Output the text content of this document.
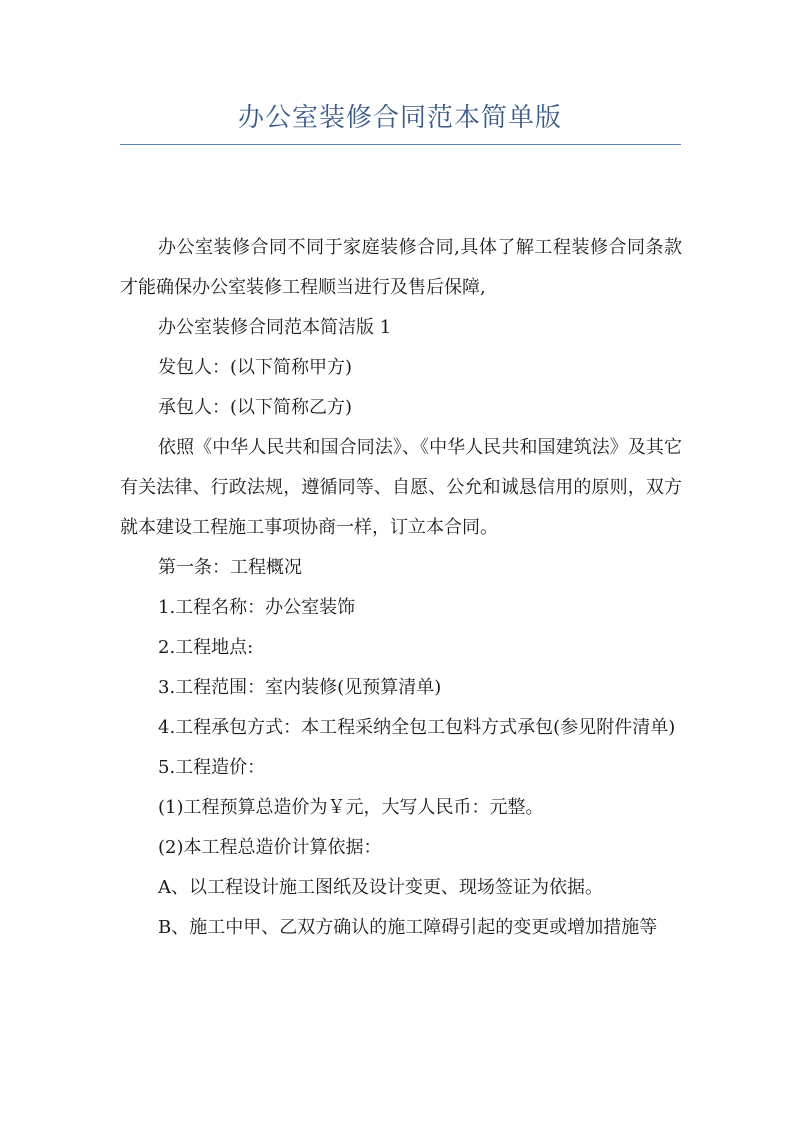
办公室装修合同范本简单版

办公室装修合同不同于家庭装修合同,具体了解工程装修合同条款才能确保办公室装修工程顺当进行及售后保障,

办公室装修合同范本简洁版 1

发包人：(以下简称甲方)

承包人：(以下简称乙方)

依照《中华人民共和国合同法》、《中华人民共和国建筑法》及其它有关法律、行政法规，遵循同等、自愿、公允和诚恳信用的原则，双方就本建设工程施工事项协商一样，订立本合同。

第一条：工程概况

1.工程名称：办公室装饰

2.工程地点:

3.工程范围：室内装修(见预算清单)

4.工程承包方式：本工程采纳全包工包料方式承包(参见附件清单)

5.工程造价：

(1)工程预算总造价为￥元，大写人民币：元整。

(2)本工程总造价计算依据：

A、以工程设计施工图纸及设计变更、现场签证为依据。

B、施工中甲、乙双方确认的施工障碍引起的变更或增加措施等
